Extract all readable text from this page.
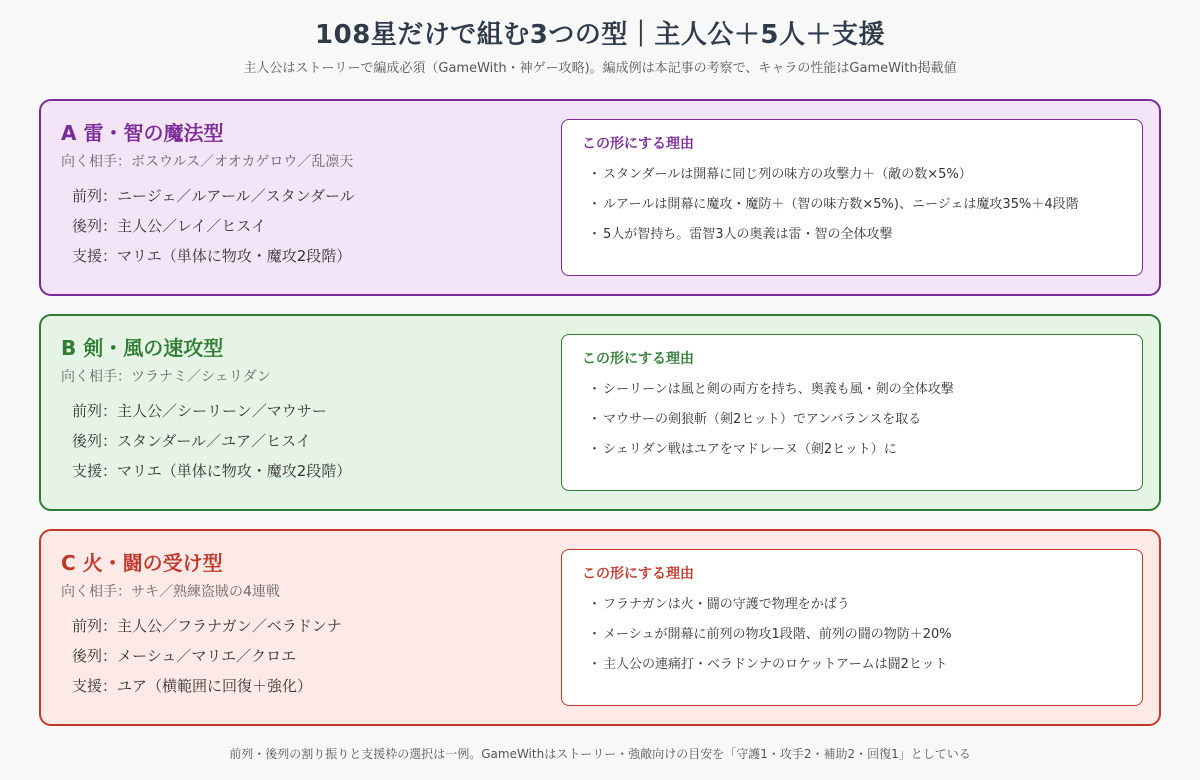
108星だけで組む3つの型｜主人公＋5人＋支援
主人公はストーリーで編成必須（GameWith・神ゲー攻略)。編成例は本記事の考察で、キャラの性能はGameWith掲載値
A 雷・智の魔法型
向く相手：ボスウルス／オオカゲロウ／乱凛天
前列：ニージェ／ルアール／スタンダール
後列：主人公／レイ／ヒスイ
支援：マリエ（単体に物攻・魔攻2段階）
この形にする理由
・ スタンダールは開幕に同じ列の味方の攻撃力＋（敵の数×5%）
・ ルアールは開幕に魔攻・魔防＋（智の味方数×5%)、ニージェは魔攻35%＋4段階
・ 5人が智持ち。雷智3人の奥義は雷・智の全体攻撃
B 剣・風の速攻型
向く相手：ツラナミ／シェリダン
前列：主人公／シーリーン／マウサー
後列：スタンダール／ユア／ヒスイ
支援：マリエ（単体に物攻・魔攻2段階）
この形にする理由
・ シーリーンは風と剣の両方を持ち、奥義も風・剣の全体攻撃
・ マウサーの剣狼斬（剣2ヒット）でアンバランスを取る
・ シェリダン戦はユアをマドレーヌ（剣2ヒット）に
C 火・闘の受け型
向く相手：サキ／熟練盗賊の4連戦
前列：主人公／フラナガン／ベラドンナ
後列：メーシュ／マリエ／クロエ
支援：ユア（横範囲に回復＋強化）
この形にする理由
・ フラナガンは火・闘の守護で物理をかばう
・ メーシュが開幕に前列の物攻1段階、前列の闘の物防＋20%
・ 主人公の連痛打・ベラドンナのロケットアームは闘2ヒット
前列・後列の割り振りと支援枠の選択は一例。GameWithはストーリー・強敵向けの目安を「守護1・攻手2・補助2・回復1」としている
